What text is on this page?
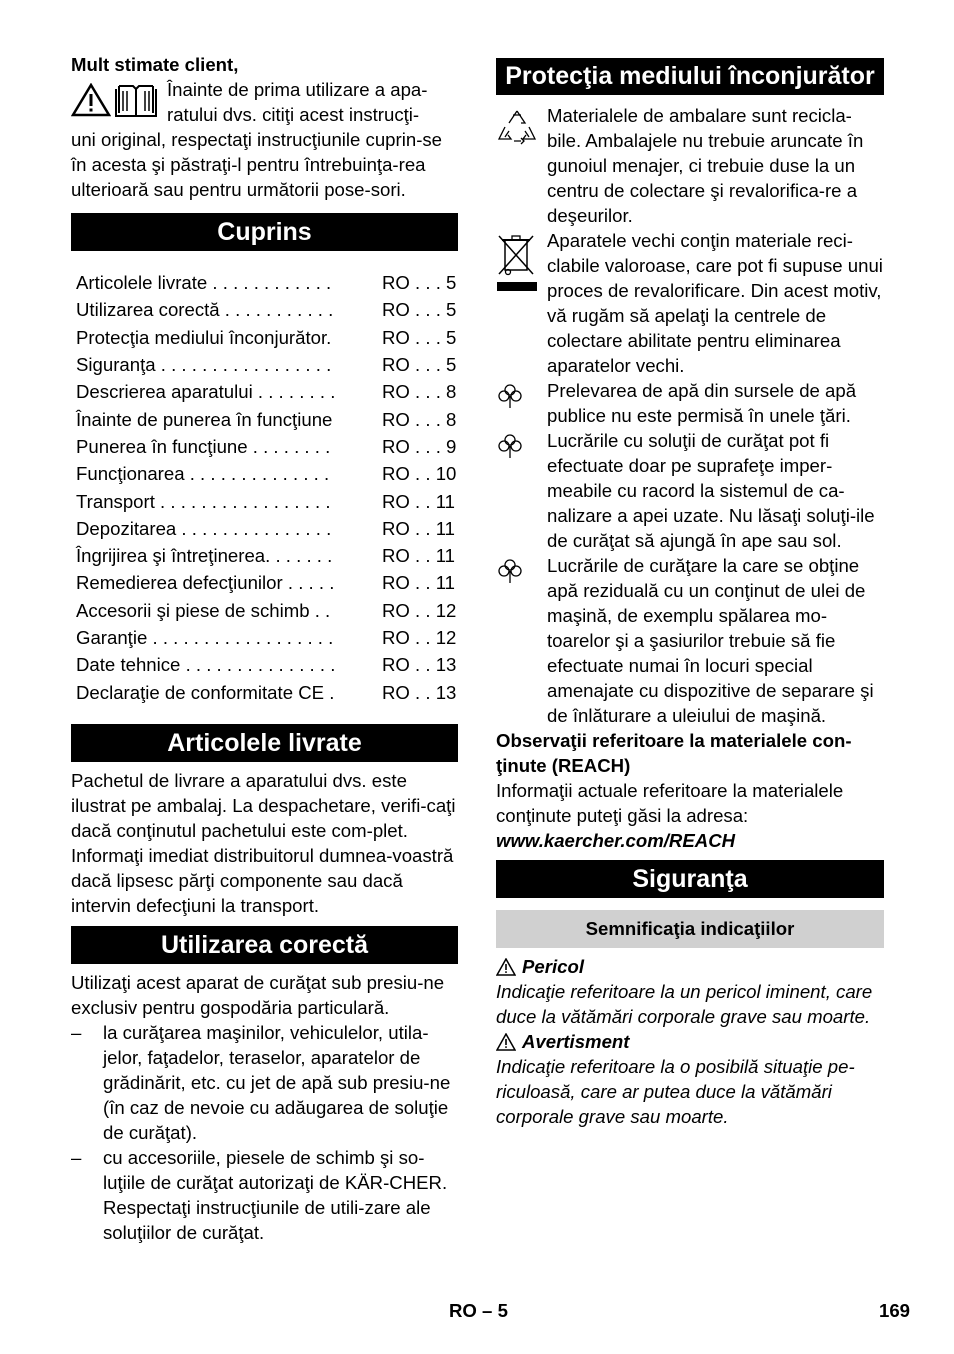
Mult stimate client,

Înainte de prima utilizare a apa-

ratului dvs. citiţi acest instrucţi-

uni original, respectaţi instrucţiunile cuprin-se în acesta şi păstraţi-l pentru întrebuinţa-rea ulterioară sau pentru următorii pose-sori.

Cuprins
Articolele livrate . . . . . . . . . . . .	RO . . . 5
Utilizarea corectă . . . . . . . . . . .	RO . . . 5
Protecţia mediului înconjurător.	RO . . . 5
Siguranţa . . . . . . . . . . . . . . . . .	RO . . . 5
Descrierea aparatului . . . . . . . .	RO . . . 8
Înainte de punerea în funcţiune	RO . . . 8
Punerea în funcţiune . . . . . . . .	RO . . . 9
Funcţionarea . . . . . . . . . . . . . .	RO . . 10
Transport . . . . . . . . . . . . . . . . .	RO . . 11
Depozitarea . . . . . . . . . . . . . . .	RO . . 11
Îngrijirea şi întreţinerea. . . . . . .	RO . . 11
Remedierea defecţiunilor . . . . .	RO . . 11
Accesorii şi piese de schimb . .	RO . . 12
Garanţie . . . . . . . . . . . . . . . . . .	RO . . 12
Date tehnice . . . . . . . . . . . . . . .	RO . . 13
Declaraţie de conformitate CE .	RO . . 13
Articolele livrate

Pachetul de livrare a aparatului dvs. este ilustrat pe ambalaj. La despachetare, verifi-caţi dacă conţinutul pachetului este com-plet.

Informaţi imediat distribuitorul dumnea-voastră dacă lipsesc părţi componente sau dacă intervin defecţiuni la transport.

Utilizarea corectă

Utilizaţi acest aparat de curăţat sub presiu-ne exclusiv pentru gospodăria particulară.

–	la curăţarea maşinilor, vehiculelor, utila-jelor, faţadelor, teraselor, aparatelor de grădinărit, etc. cu jet de apă sub presiu-ne (în caz de nevoie cu adăugarea de soluţie de curăţat).

–	cu accesoriile, piesele de schimb şi so-luţiile de curăţat autorizaţi de KÄR-CHER. Respectaţi instrucţiunile de utili-zare ale soluţiilor de curăţat.

Protecţia mediului înconjurător

Materialele de ambalare sunt recicla-bile. Ambalajele nu trebuie aruncate în gunoiul menajer, ci trebuie duse la un centru de colectare şi revalorifica-re a deşeurilor.

Aparatele vechi conţin materiale reci-clabile valoroase, care pot fi supuse unui proces de revalorificare. Din acest motiv, vă rugăm să apelaţi la centrele de colectare abilitate pentru eliminarea aparatelor vechi.

Prelevarea de apă din sursele de apă publice nu este permisă în unele ţări.

Lucrările cu soluţii de curăţat pot fi efectuate doar pe suprafeţe imper-meabile cu racord la sistemul de ca-nalizare a apei uzate. Nu lăsaţi soluţi-ile de curăţat să ajungă în ape sau sol.

Lucrările de curăţare la care se obţine apă reziduală cu un conţinut de ulei de maşină, de exemplu spălarea mo-toarelor şi a şasiurilor trebuie să fie efectuate numai în locuri special amenajate cu dispozitive de separare şi de înlăturare a uleiului de maşină.

Observaţii referitoare la materialele con-ţinute (REACH)

Informaţii actuale referitoare la materialele conţinute puteţi găsi la adresa:

www.kaercher.com/REACH

Siguranţa
Semnificaţia indicaţiilor
Pericol

Indicaţie referitoare la un pericol iminent, care duce la vătămări corporale grave sau moarte.

Avertisment

Indicaţie referitoare la o posibilă situaţie pe-riculoasă, care ar putea duce la vătămări corporale grave sau moarte.

RO – 5	169
